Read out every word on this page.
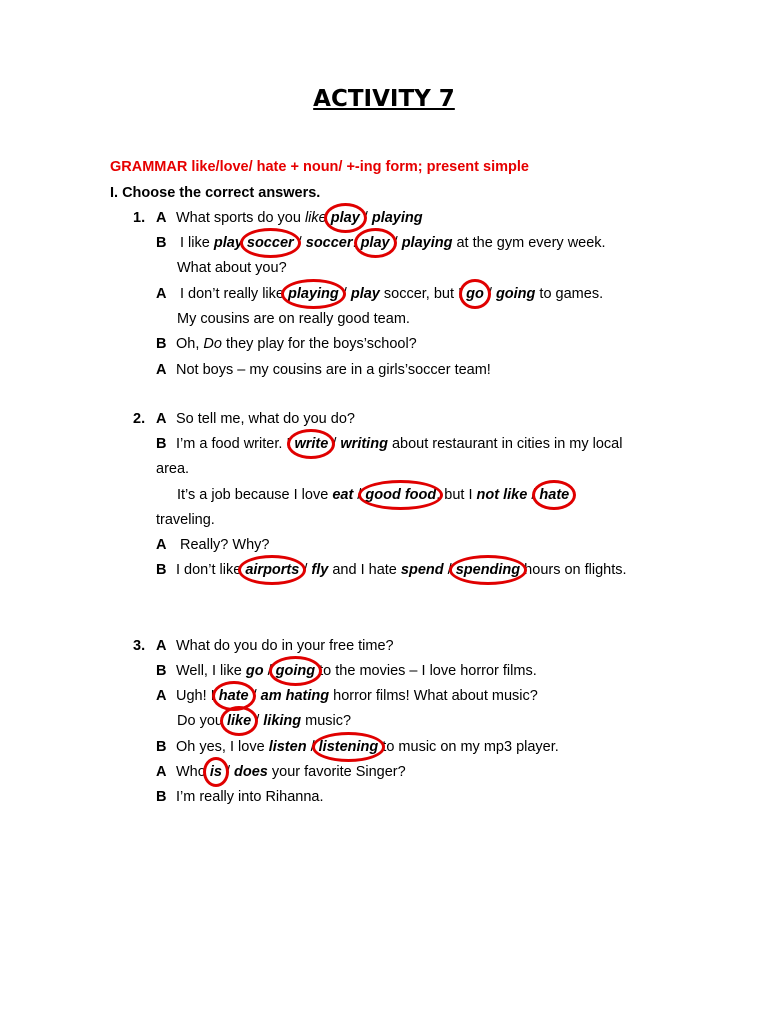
ACTIVITY 7
GRAMMAR like/love/ hate + noun/ +-ing form; present simple
I. Choose the correct answers.
1. A What sports do you like play / playing
B I like play soccer / soccer. play / playing at the gym every week.
What about you?
A I don’t really like playing / play soccer, but I go / going to games.
My cousins are on really good team.
B Oh, Do they play for the boys’school?
A Not boys – my cousins are in a girls’soccer team!
2. A So tell me, what do you do?
B I’m a food writer. I write / writing about restaurant in cities in my local
area.
It’s a job because I love eat / good food, but I not like / hate
traveling.
A Really? Why?
B I don’t like airports / fly and I hate spend / spending hours on flights.
3. A What do you do in your free time?
B Well, I like go / going to the movies – I love horror films.
A Ugh! I hate / am hating horror films! What about music?
Do you like / liking music?
B Oh yes, I love listen / listening to music on my mp3 player.
A Who is / does your favorite Singer?
B I’m really into Rihanna.
